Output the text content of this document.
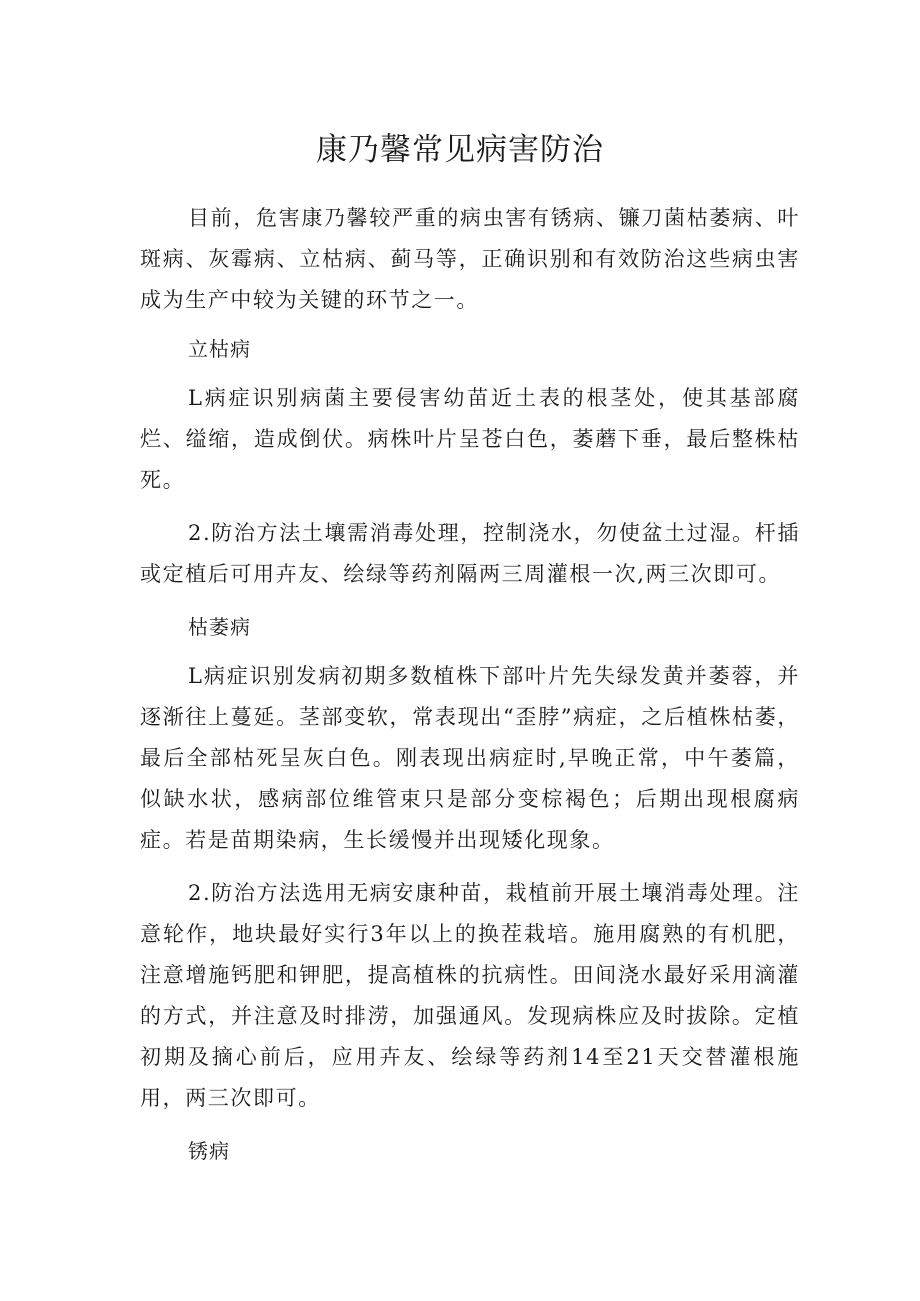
康乃馨常见病害防治

目前，危害康乃馨较严重的病虫害有锈病、镰刀菌枯萎病、叶斑病、灰霉病、立枯病、蓟马等，正确识别和有效防治这些病虫害成为生产中较为关键的环节之一。

立枯病

L病症识别病菌主要侵害幼苗近土表的根茎处，使其基部腐烂、缢缩，造成倒伏。病株叶片呈苍白色，萎蘑下垂，最后整株枯死。

2.防治方法土壤需消毒处理，控制浇水，勿使盆土过湿。杆插或定植后可用卉友、绘绿等药剂隔两三周灌根一次,两三次即可。

枯萎病

L病症识别发病初期多数植株下部叶片先失绿发黄并萎蓉，并逐渐往上蔓延。茎部变软，常表现出“歪脖”病症，之后植株枯萎，最后全部枯死呈灰白色。刚表现出病症时,早晚正常，中午萎篇，似缺水状，感病部位维管束只是部分变棕褐色；后期出现根腐病症。若是苗期染病，生长缓慢并出现矮化现象。

2.防治方法选用无病安康种苗，栽植前开展土壤消毒处理。注意轮作，地块最好实行3年以上的换茬栽培。施用腐熟的有机肥，注意增施钙肥和钾肥，提高植株的抗病性。田间浇水最好采用滴灌的方式，并注意及时排涝，加强通风。发现病株应及时拔除。定植初期及摘心前后，应用卉友、绘绿等药剂14至21天交替灌根施用，两三次即可。

锈病
